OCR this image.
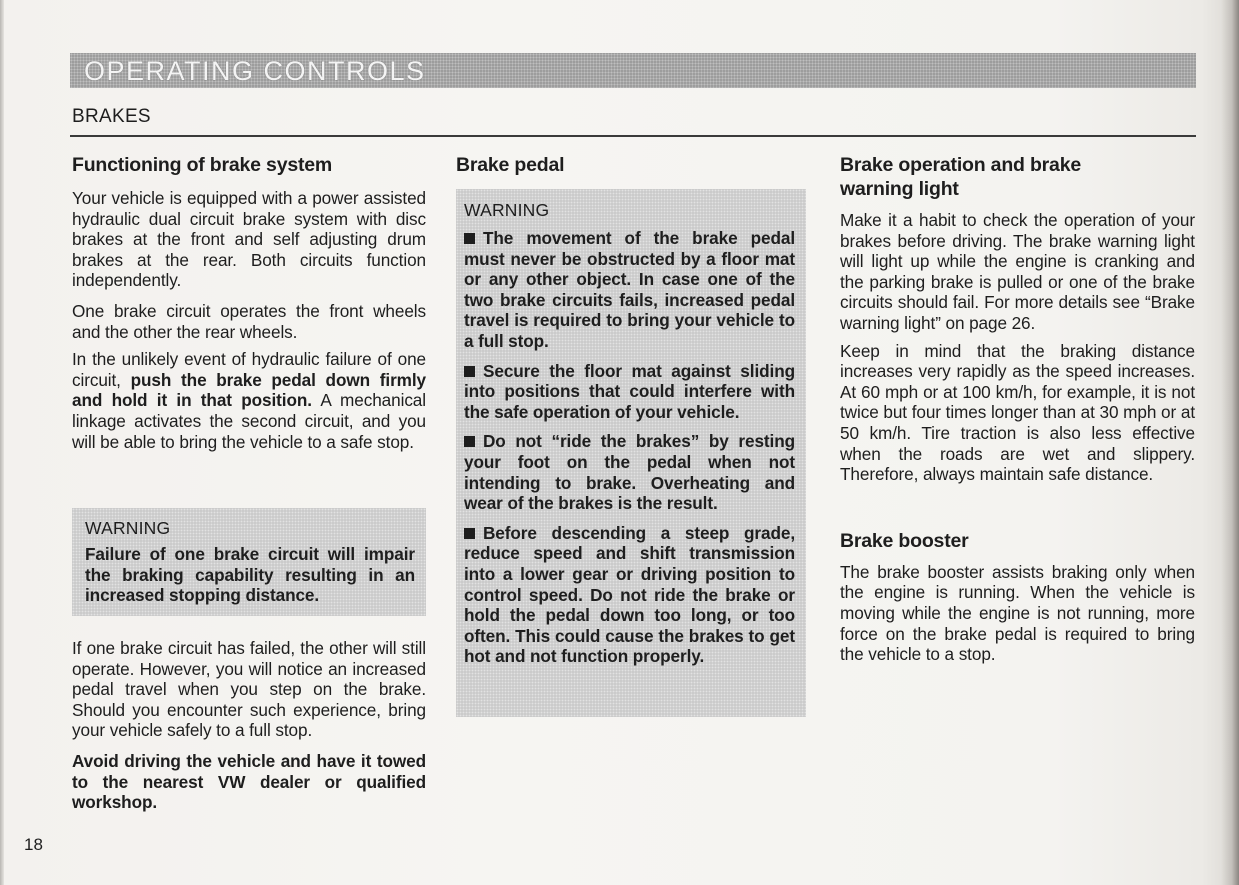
OPERATING CONTROLS
BRAKES
Functioning of brake system

Your vehicle is equipped with a power assisted hydraulic dual circuit brake system with disc brakes at the front and self adjusting drum brakes at the rear. Both circuits function independently.

One brake circuit operates the front wheels and the other the rear wheels.

In the unlikely event of hydraulic failure of one circuit, push the brake pedal down firmly and hold it in that position. A mechanical linkage activates the second circuit, and you will be able to bring the vehicle to a safe stop.

WARNING

Failure of one brake circuit will impair the braking capability resulting in an increased stopping distance.

If one brake circuit has failed, the other will still operate. However, you will notice an increased pedal travel when you step on the brake. Should you encounter such experience, bring your vehicle safely to a full stop.

Avoid driving the vehicle and have it towed to the nearest VW dealer or qualified workshop.

Brake pedal

WARNING

The movement of the brake pedal must never be obstructed by a floor mat or any other object. In case one of the two brake circuits fails, increased pedal travel is required to bring your vehicle to a full stop.

Secure the floor mat against sliding into positions that could interfere with the safe operation of your vehicle.

Do not “ride the brakes” by resting your foot on the pedal when not intending to brake. Overheating and wear of the brakes is the result.

Before descending a steep grade, reduce speed and shift transmission into a lower gear or driving position to control speed. Do not ride the brake or hold the pedal down too long, or too often. This could cause the brakes to get hot and not function properly.

Brake operation and brake warning light

Make it a habit to check the operation of your brakes before driving. The brake warning light will light up while the engine is cranking and the parking brake is pulled or one of the brake circuits should fail. For more details see “Brake warning light” on page 26.

Keep in mind that the braking distance increases very rapidly as the speed increases. At 60 mph or at 100 km/h, for example, it is not twice but four times longer than at 30 mph or at 50 km/h. Tire traction is also less effective when the roads are wet and slippery. Therefore, always maintain safe distance.

Brake booster

The brake booster assists braking only when the engine is running. When the vehicle is moving while the engine is not running, more force on the brake pedal is required to bring the vehicle to a stop.

18
